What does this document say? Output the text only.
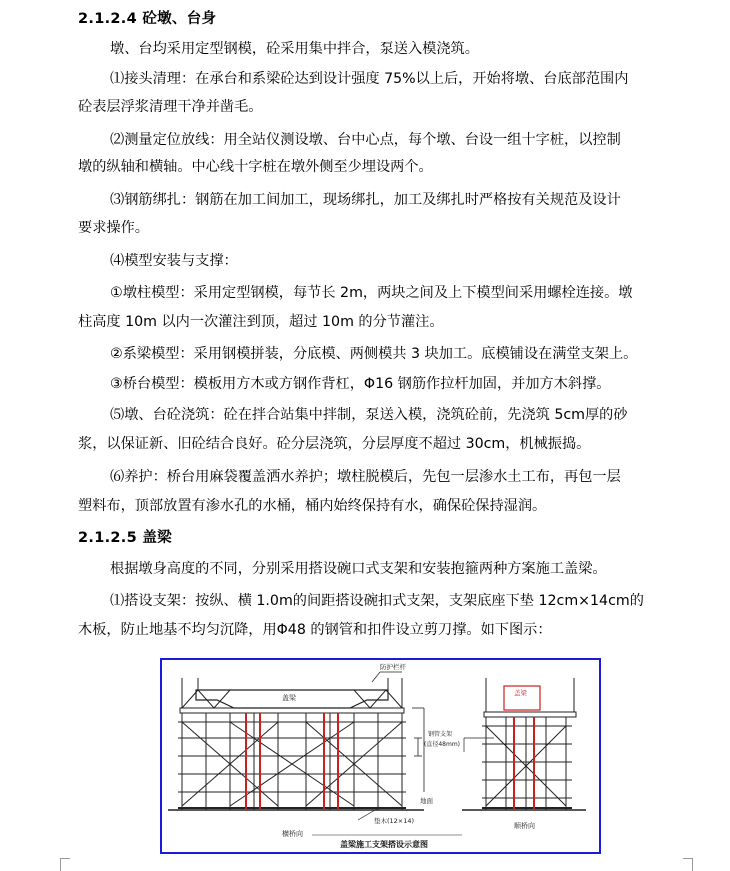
2.1.2.4 砼墩、台身
墩、台均采用定型钢模，砼采用集中拌合，泵送入模浇筑。
⑴接头清理：在承台和系梁砼达到设计强度 75%以上后，开始将墩、台底部范围内
砼表层浮浆清理干净并凿毛。
⑵测量定位放线：用全站仪测设墩、台中心点，每个墩、台设一组十字桩，以控制
墩的纵轴和横轴。中心线十字桩在墩外侧至少埋设两个。
⑶钢筋绑扎：钢筋在加工间加工，现场绑扎，加工及绑扎时严格按有关规范及设计
要求操作。
⑷模型安装与支撑：
①墩柱模型：采用定型钢模，每节长 2m，两块之间及上下模型间采用螺栓连接。墩
柱高度 10m 以内一次灌注到顶，超过 10m 的分节灌注。
②系梁模型：采用钢模拼装，分底模、两侧模共 3 块加工。底模铺设在满堂支架上。
③桥台模型：模板用方木或方钢作背杠，Φ16 钢筋作拉杆加固，并加方木斜撑。
⑸墩、台砼浇筑：砼在拌合站集中拌制，泵送入模，浇筑砼前，先浇筑 5cm厚的砂
浆，以保证新、旧砼结合良好。砼分层浇筑，分层厚度不超过 30cm，机械振捣。
⑹养护：桥台用麻袋覆盖洒水养护；墩柱脱模后，先包一层渗水土工布，再包一层
塑料布，顶部放置有渗水孔的水桶，桶内始终保持有水，确保砼保持湿润。
2.1.2.5 盖梁
根据墩身高度的不同，分别采用搭设碗口式支架和安装抱箍两种方案施工盖梁。
⑴搭设支架：按纵、横 1.0m的间距搭设碗扣式支架，支架底座下垫 12cm×14cm的
木板，防止地基不均匀沉降，用Φ48 的钢管和扣件设立剪刀撑。如下图示：
防护栏杆
盖梁
垫木(12×14)
横桥向
地面
盖梁
钢管支架
(直径48mm)
顺桥向
盖梁施工支架搭设示意图
